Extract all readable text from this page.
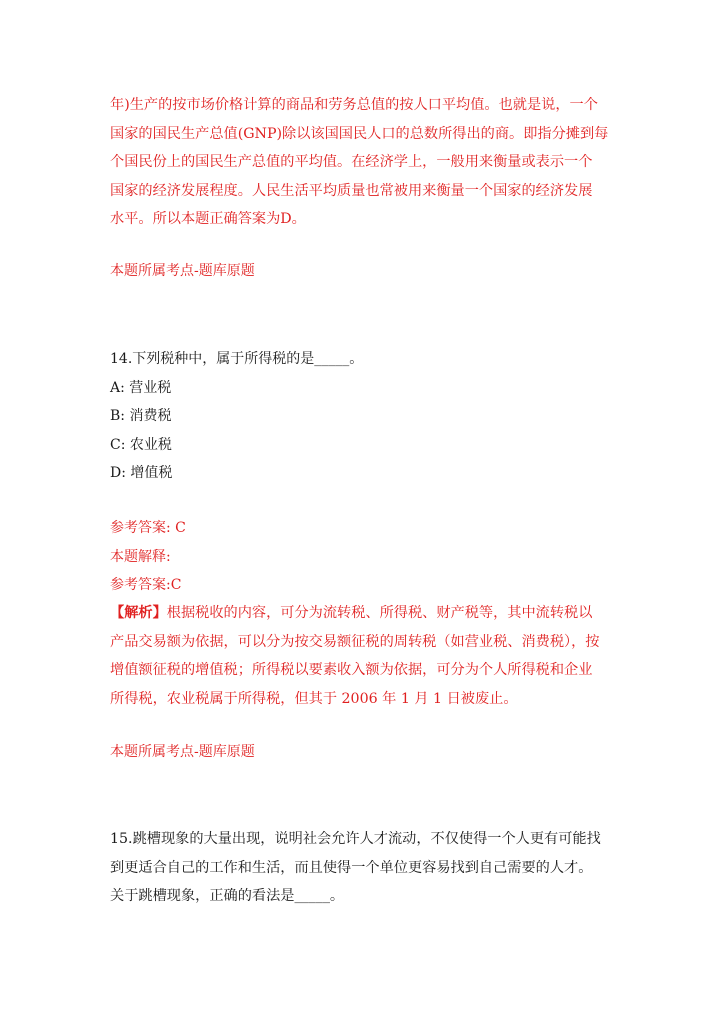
年)生产的按市场价格计算的商品和劳务总值的按人口平均值。也就是说，一个
国家的国民生产总值(GNP)除以该国国民人口的总数所得出的商。即指分摊到每
个国民份上的国民生产总值的平均值。在经济学上，一般用来衡量或表示一个
国家的经济发展程度。人民生活平均质量也常被用来衡量一个国家的经济发展
水平。所以本题正确答案为D。
本题所属考点-题库原题
14.下列税种中，属于所得税的是_____。
A: 营业税
B: 消费税
C: 农业税
D: 增值税
参考答案: C
本题解释:
参考答案:C
【解析】根据税收的内容，可分为流转税、所得税、财产税等，其中流转税以
产品交易额为依据，可以分为按交易额征税的周转税（如营业税、消费税），按
增值额征税的增值税；所得税以要素收入额为依据，可分为个人所得税和企业
所得税，农业税属于所得税，但其于 2006 年 1 月 1 日被废止。
本题所属考点-题库原题
15.跳槽现象的大量出现，说明社会允许人才流动，不仅使得一个人更有可能找
到更适合自己的工作和生活，而且使得一个单位更容易找到自己需要的人才。
关于跳槽现象，正确的看法是_____。
